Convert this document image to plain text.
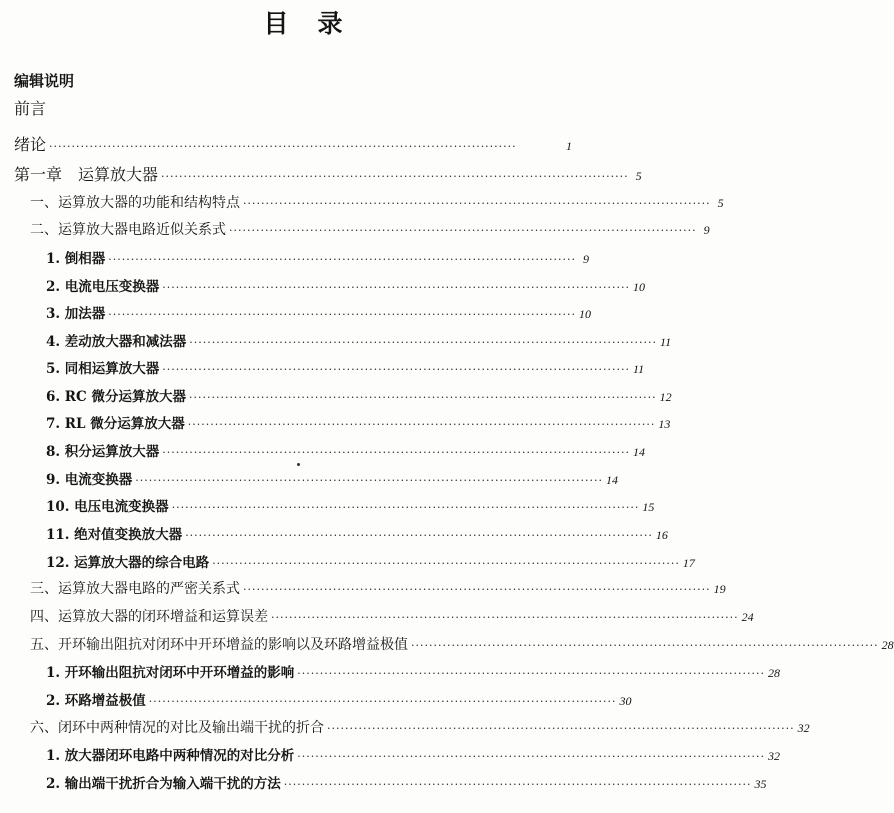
目　录
编辑说明
前言
绪论 ········································································································	1
第一章　运算放大器 ········································································································ 5
一、运算放大器的功能和结构特点 ········································································································ 5
二、运算放大器电路近似关系式 ········································································································ 9
1. 倒相器 ········································································································ 9
2. 电流电压变换器 ········································································································ 10
3. 加法器 ········································································································ 10
4. 差动放大器和减法器 ········································································································ 11
5. 同相运算放大器 ········································································································ 11
6. RC 微分运算放大器 ········································································································ 12
7. RL 微分运算放大器 ········································································································ 13
8. 积分运算放大器 ········································································································ 14
9. 电流变换器 ········································································································ 14
10. 电压电流变换器 ········································································································ 15
11. 绝对值变换放大器 ········································································································ 16
12. 运算放大器的综合电路 ········································································································ 17
三、运算放大器电路的严密关系式 ········································································································ 19
四、运算放大器的闭环增益和运算误差 ········································································································ 24
五、开环输出阻抗对闭环中开环增益的影响以及环路增益极值 ········································································································ 28
1. 开环输出阻抗对闭环中开环增益的影响 ········································································································ 28
2. 环路增益极值 ········································································································ 30
六、闭环中两种情况的对比及输出端干扰的折合 ········································································································ 32
1. 放大器闭环电路中两种情况的对比分析 ········································································································ 32
2. 输出端干扰折合为输入端干扰的方法 ········································································································ 35
